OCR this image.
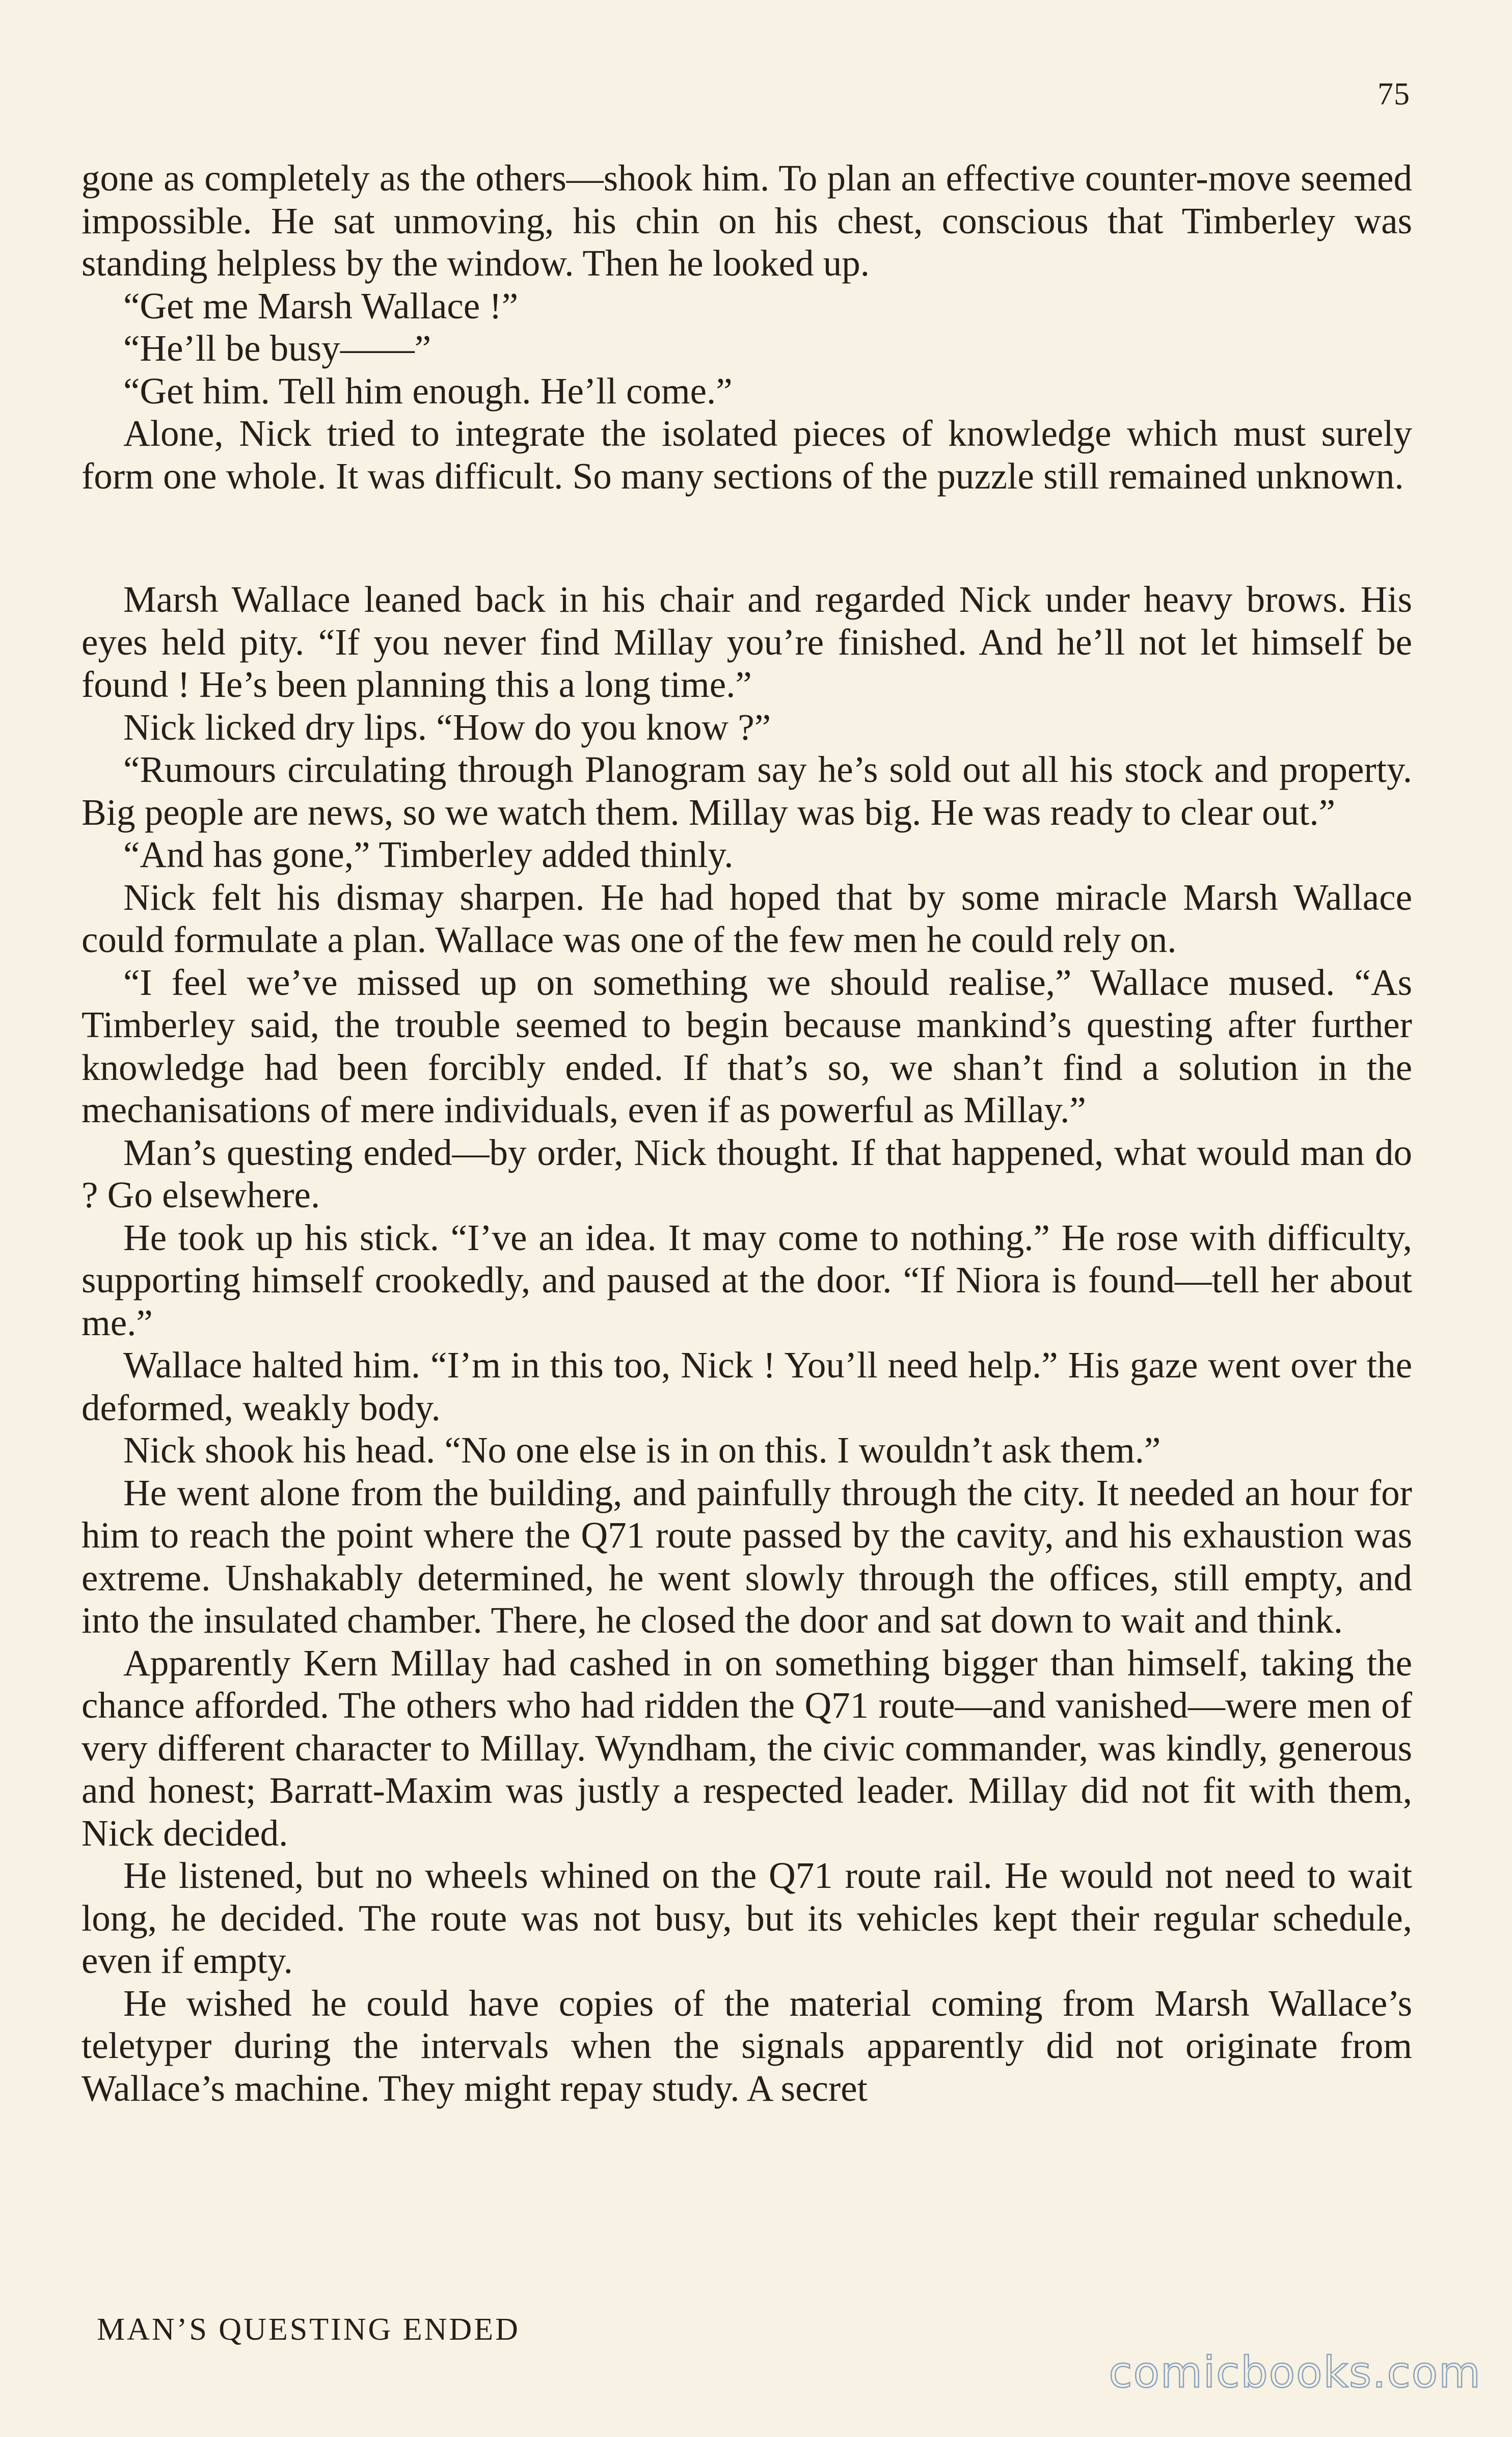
75

gone as completely as the others—shook him. To plan an effective counter-move seemed impossible. He sat unmoving, his chin on his chest, conscious that Timberley was standing helpless by the window. Then he looked up.

“Get me Marsh Wallace !”

“He’ll be busy——”

“Get him. Tell him enough. He’ll come.”

Alone, Nick tried to integrate the isolated pieces of knowledge which must surely form one whole. It was difficult. So many sections of the puzzle still remained unknown.

Marsh Wallace leaned back in his chair and regarded Nick under heavy brows. His eyes held pity. “If you never find Millay you’re finished. And he’ll not let himself be found ! He’s been planning this a long time.”

Nick licked dry lips. “How do you know ?”

“Rumours circulating through Planogram say he’s sold out all his stock and property. Big people are news, so we watch them. Millay was big. He was ready to clear out.”

“And has gone,” Timberley added thinly.

Nick felt his dismay sharpen. He had hoped that by some miracle Marsh Wallace could formulate a plan. Wallace was one of the few men he could rely on.

“I feel we’ve missed up on something we should realise,” Wallace mused. “As Timberley said, the trouble seemed to begin because mankind’s questing after further knowledge had been forcibly ended. If that’s so, we shan’t find a solution in the mechanisations of mere individuals, even if as powerful as Millay.”

Man’s questing ended—by order, Nick thought. If that happened, what would man do ? Go elsewhere.

He took up his stick. “I’ve an idea. It may come to nothing.” He rose with difficulty, supporting himself crookedly, and paused at the door. “If Niora is found—tell her about me.”

Wallace halted him. “I’m in this too, Nick ! You’ll need help.” His gaze went over the deformed, weakly body.

Nick shook his head. “No one else is in on this. I wouldn’t ask them.”

He went alone from the building, and painfully through the city. It needed an hour for him to reach the point where the Q71 route passed by the cavity, and his exhaustion was extreme. Unshakably determined, he went slowly through the offices, still empty, and into the insulated chamber. There, he closed the door and sat down to wait and think.

Apparently Kern Millay had cashed in on something bigger than himself, taking the chance afforded. The others who had ridden the Q71 route—and vanished—were men of very different character to Millay. Wyndham, the civic commander, was kindly, generous and honest; Barratt-Maxim was justly a respected leader. Millay did not fit with them, Nick decided.

He listened, but no wheels whined on the Q71 route rail. He would not need to wait long, he decided. The route was not busy, but its vehicles kept their regular schedule, even if empty.

He wished he could have copies of the material coming from Marsh Wallace’s teletyper during the intervals when the signals apparently did not originate from Wallace’s machine. They might repay study. A secret

MAN’S QUESTING ENDED
comicbooks.com
